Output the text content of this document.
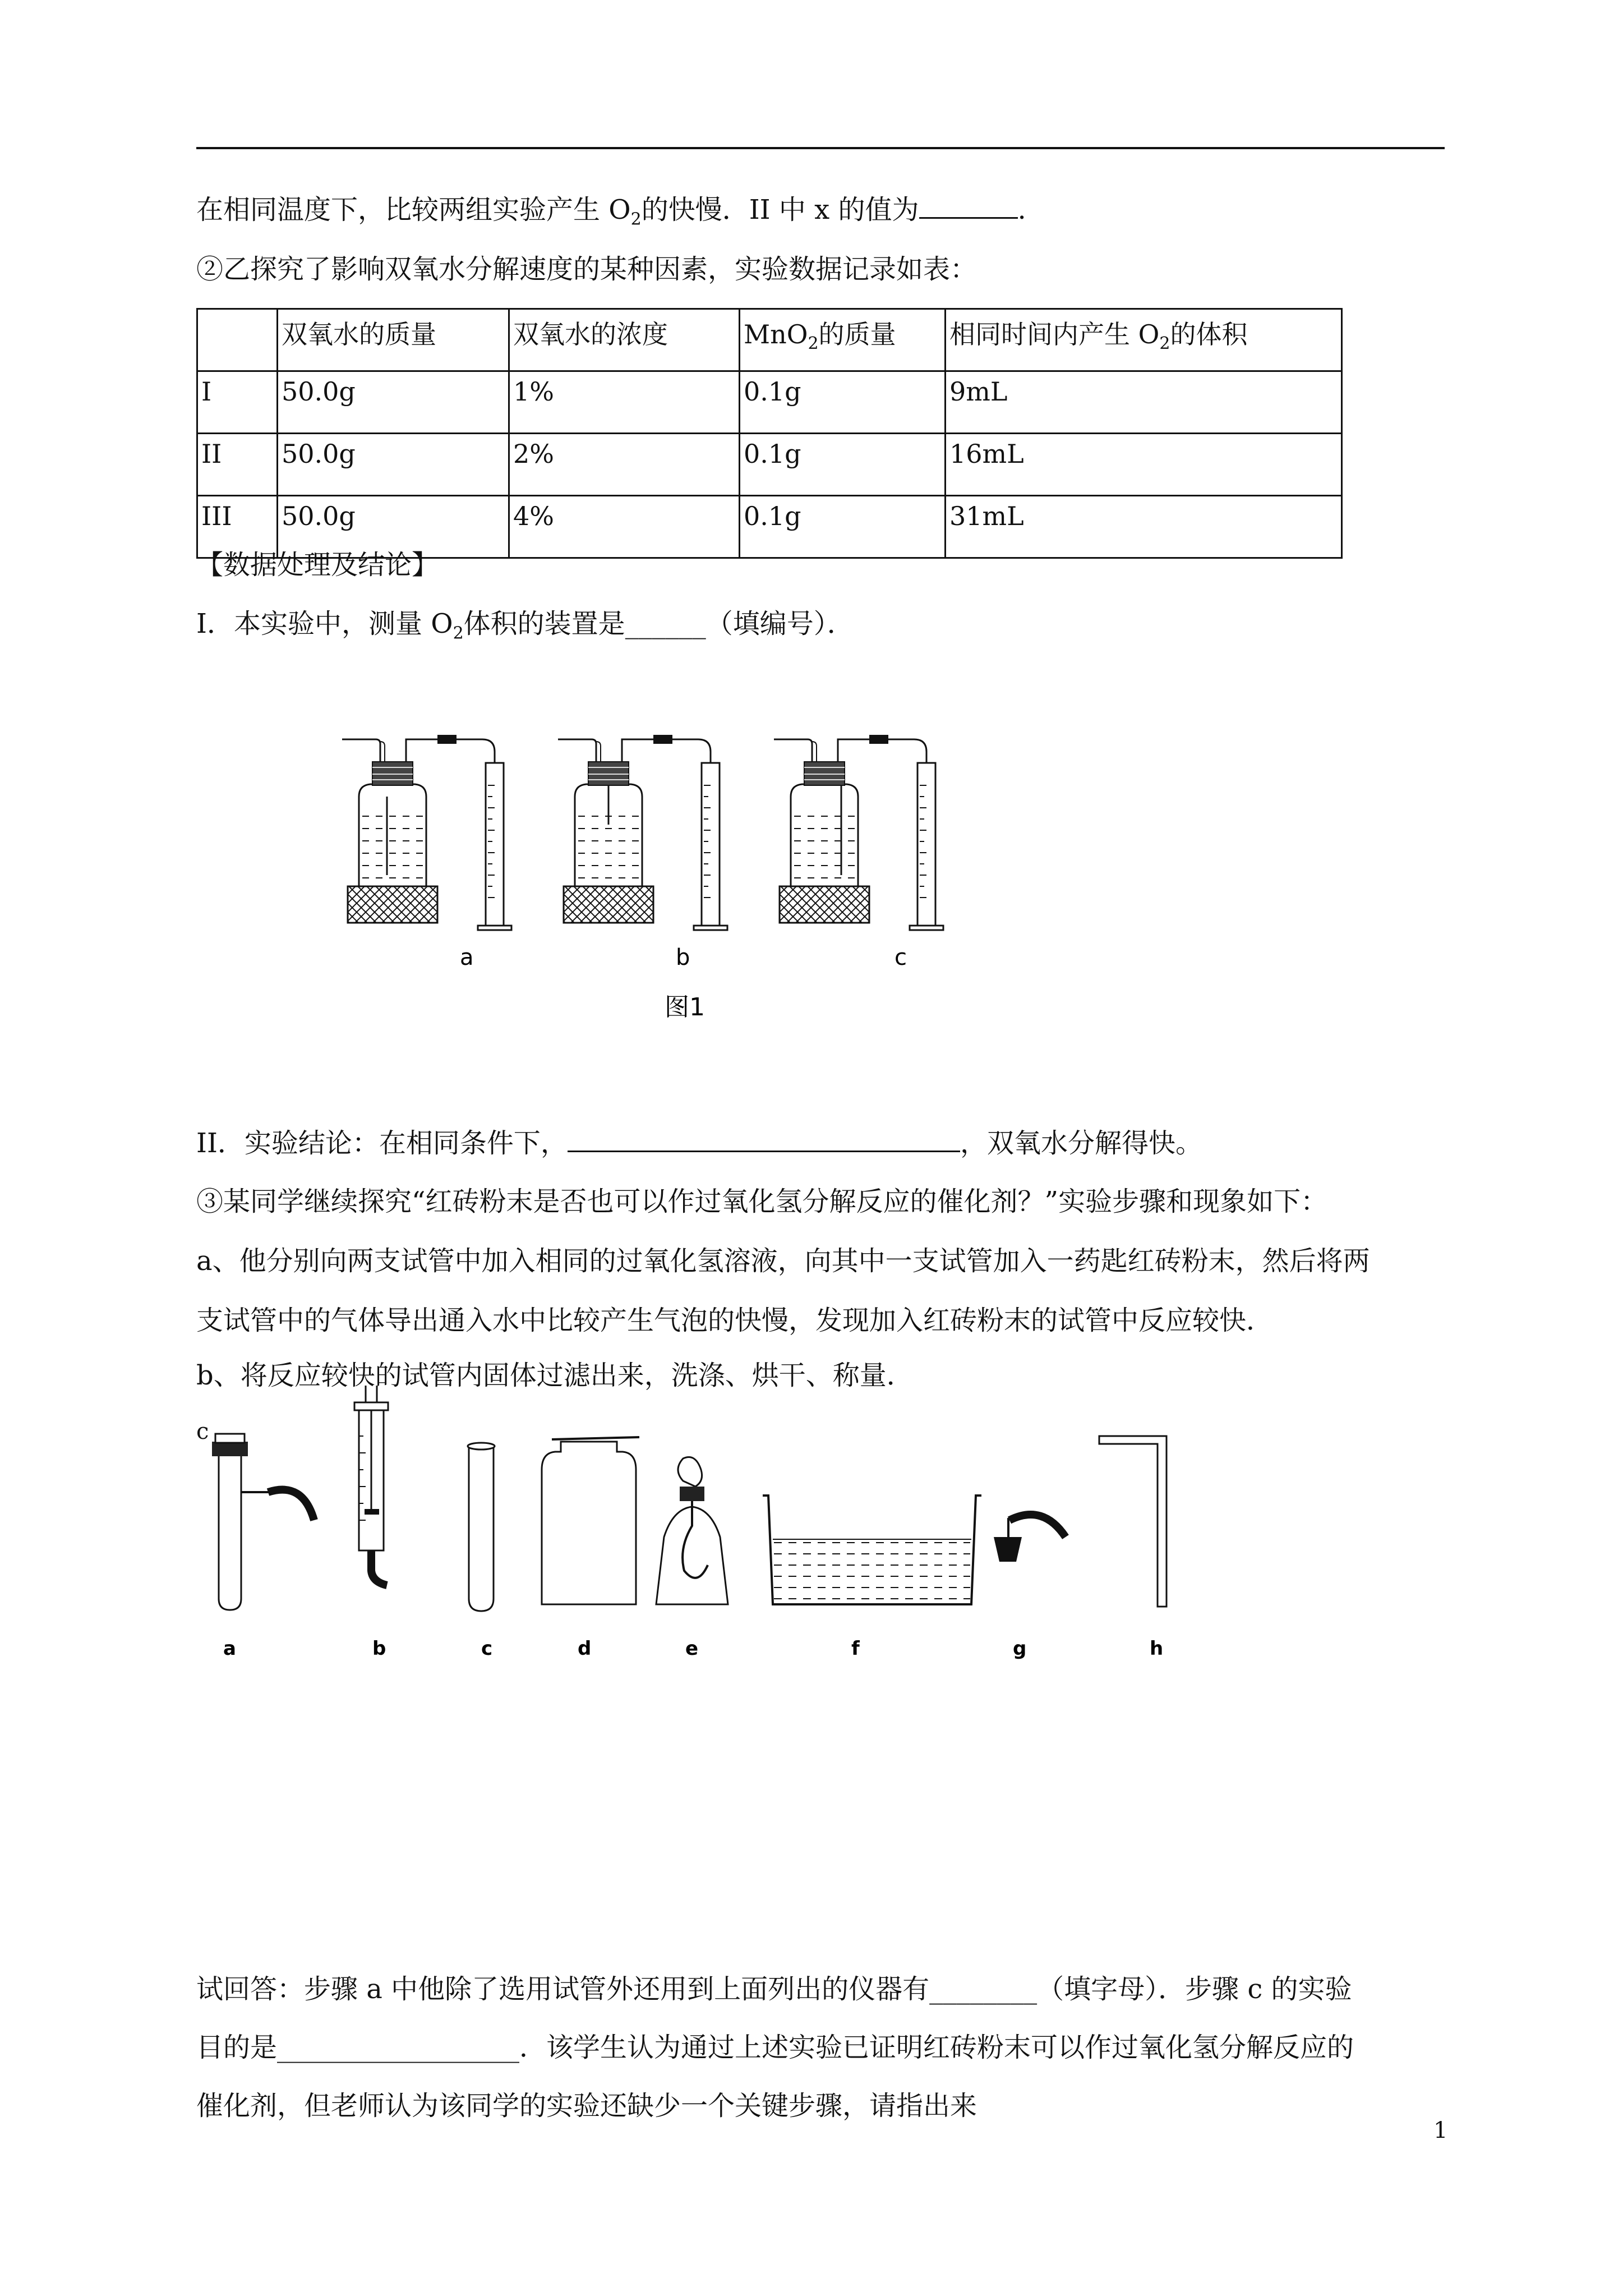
在相同温度下，比较两组实验产生 $O_2$的快慢．II 中 x 的值为	.
②乙探究了影响双氧水分解速度的某种因素，实验数据记录如表：
	双氧水的质量	双氧水的浓度	MnO$_2$的质量	相同时间内产生 $O_2$的体积
I	50.0g	1%	0.1g	9mL
II	50.0g	2%	0.1g	16mL
III	50.0g	4%	0.1g	31mL
【数据处理及结论】
I．本实验中，测量 $O_2$体积的装置是______（填编号）．
a	b	c
图1
II．实验结论：在相同条件下，	，双氧水分解得快。
③某同学继续探究“红砖粉末是否也可以作过氧化氢分解反应的催化剂？”实验步骤和现象如下：
a、他分别向两支试管中加入相同的过氧化氢溶液，向其中一支试管加入一药匙红砖粉末，然后将两
支试管中的气体导出通入水中比较产生气泡的快慢，发现加入红砖粉末的试管中反应较快．
b、将反应较快的试管内固体过滤出来，洗涤、烘干、称量．
c
a	b	c	d	e	f	g	h
试回答：步骤 a 中他除了选用试管外还用到上面列出的仪器有________（填字母）．步骤 c 的实验
目的是__________________．该学生认为通过上述实验已证明红砖粉末可以作过氧化氢分解反应的
催化剂，但老师认为该同学的实验还缺少一个关键步骤，请指出来
1
